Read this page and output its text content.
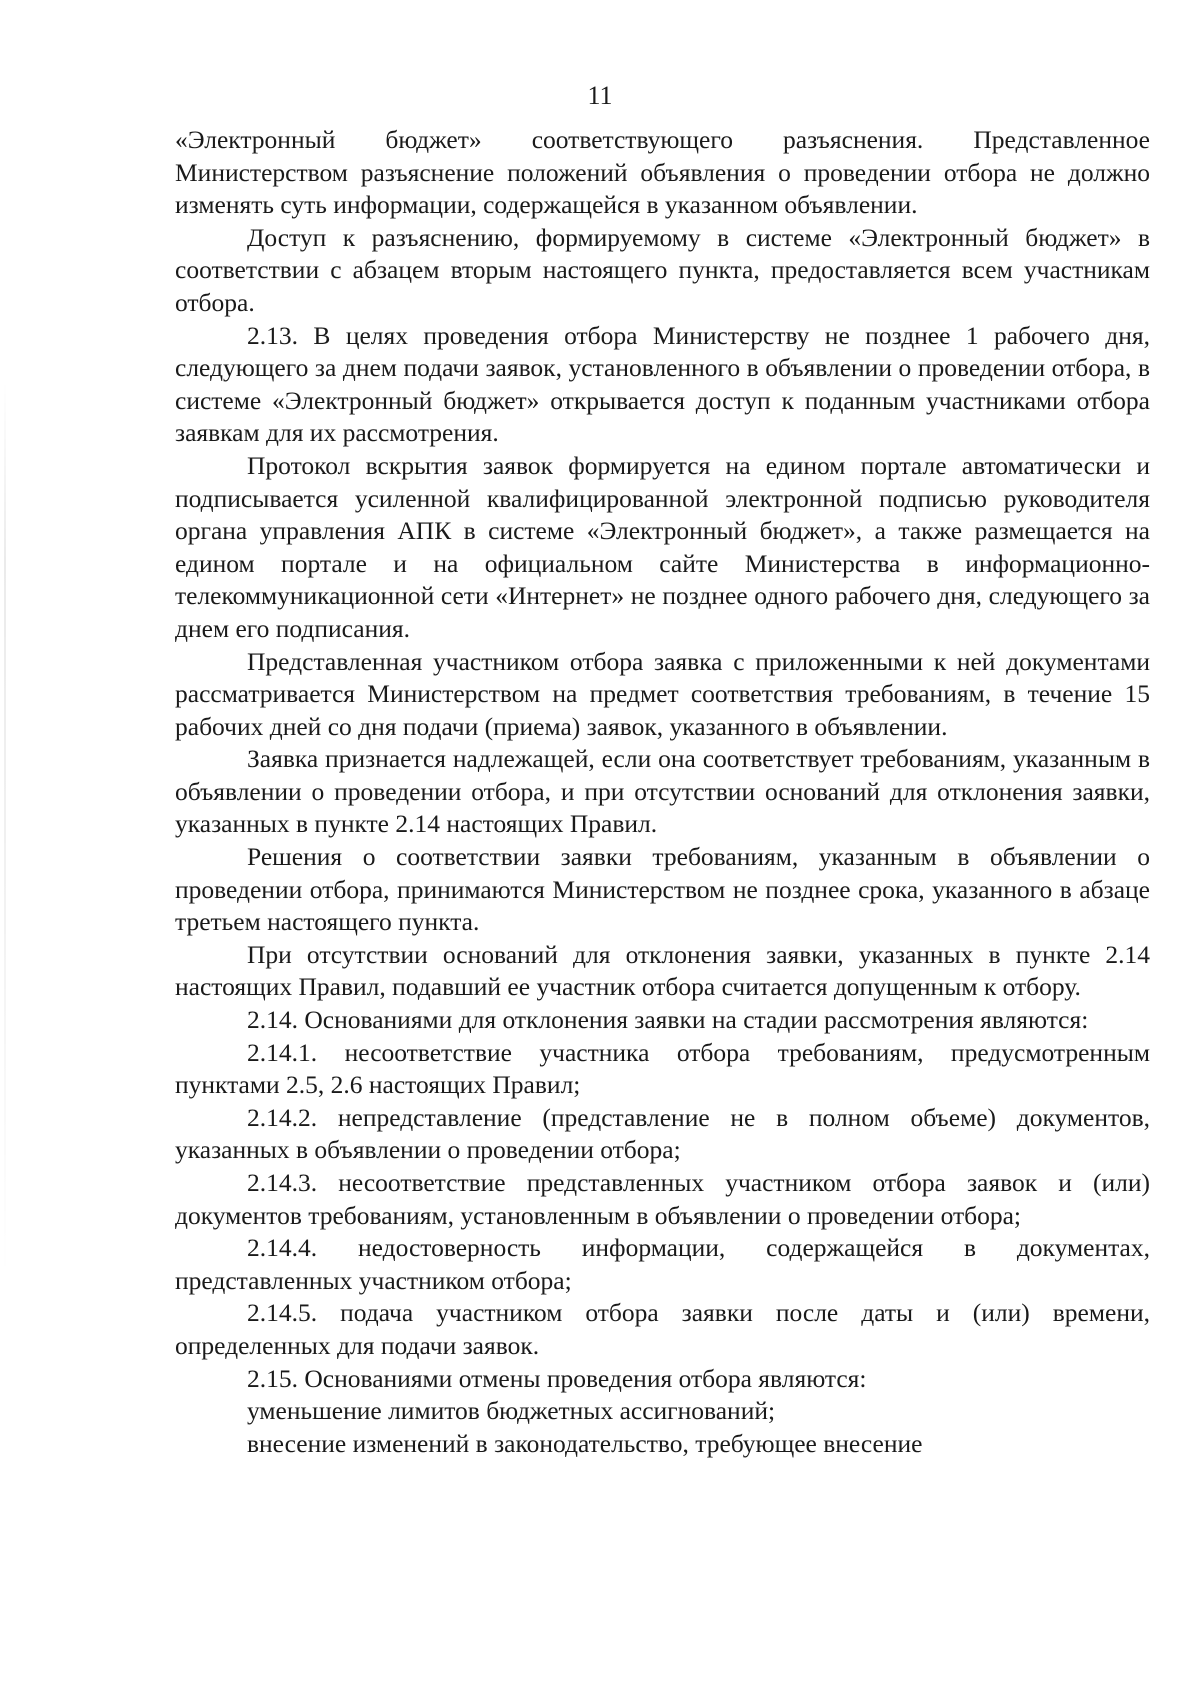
11

«Электронный бюджет» соответствующего разъяснения. Представленное Министерством разъяснение положений объявления о проведении отбора не должно изменять суть информации, содержащейся в указанном объявлении.

Доступ к разъяснению, формируемому в системе «Электронный бюджет» в соответствии с абзацем вторым настоящего пункта, предоставляется всем участникам отбора.

2.13. В целях проведения отбора Министерству не позднее 1 рабочего дня, следующего за днем подачи заявок, установленного в объявлении о проведении отбора, в системе «Электронный бюджет» открывается доступ к поданным участниками отбора заявкам для их рассмотрения.

Протокол вскрытия заявок формируется на едином портале автоматически и подписывается усиленной квалифицированной электронной подписью руководителя органа управления АПК в системе «Электронный бюджет», а также размещается на едином портале и на официальном сайте Министерства в информационно-телекоммуникационной сети «Интернет» не позднее одного рабочего дня, следующего за днем его подписания.

Представленная участником отбора заявка с приложенными к ней документами рассматривается Министерством на предмет соответствия требованиям, в течение 15 рабочих дней со дня подачи (приема) заявок, указанного в объявлении.

Заявка признается надлежащей, если она соответствует требованиям, указанным в объявлении о проведении отбора, и при отсутствии оснований для отклонения заявки, указанных в пункте 2.14 настоящих Правил.

Решения о соответствии заявки требованиям, указанным в объявлении о проведении отбора, принимаются Министерством не позднее срока, указанного в абзаце третьем настоящего пункта.

При отсутствии оснований для отклонения заявки, указанных в пункте 2.14 настоящих Правил, подавший ее участник отбора считается допущенным к отбору.

2.14. Основаниями для отклонения заявки на стадии рассмотрения являются:

2.14.1. несоответствие участника отбора требованиям, предусмотренным пунктами 2.5, 2.6 настоящих Правил;

2.14.2. непредставление (представление не в полном объеме) документов, указанных в объявлении о проведении отбора;

2.14.3. несоответствие представленных участником отбора заявок и (или) документов требованиям, установленным в объявлении о проведении отбора;

2.14.4. недостоверность информации, содержащейся в документах, представленных участником отбора;

2.14.5. подача участником отбора заявки после даты и (или) времени, определенных для подачи заявок.

2.15. Основаниями отмены проведения отбора являются:

уменьшение лимитов бюджетных ассигнований;

внесение изменений в законодательство, требующее внесение
